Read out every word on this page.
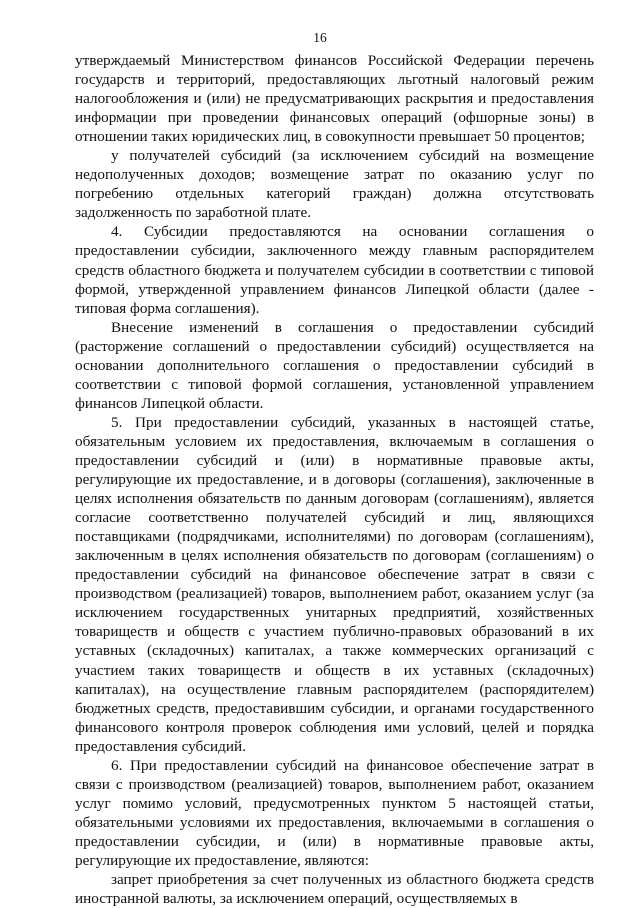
16

утверждаемый Министерством финансов Российской Федерации перечень государств и территорий, предоставляющих льготный налоговый режим налогообложения и (или) не предусматривающих раскрытия и предоставления информации при проведении финансовых операций (офшорные зоны) в отношении таких юридических лиц, в совокупности превышает 50 процентов;

у получателей субсидий (за исключением субсидий на возмещение недополученных доходов; возмещение затрат по оказанию услуг по погребению отдельных категорий граждан) должна отсутствовать задолженность по заработной плате.

4. Субсидии предоставляются на основании соглашения о предоставлении субсидии, заключенного между главным распорядителем средств областного бюджета и получателем субсидии в соответствии с типовой формой, утвержденной управлением финансов Липецкой области (далее - типовая форма соглашения).

Внесение изменений в соглашения о предоставлении субсидий (расторжение соглашений о предоставлении субсидий) осуществляется на основании дополнительного соглашения о предоставлении субсидий в соответствии с типовой формой соглашения, установленной управлением финансов Липецкой области.

5. При предоставлении субсидий, указанных в настоящей статье, обязательным условием их предоставления, включаемым в соглашения о предоставлении субсидий и (или) в нормативные правовые акты, регулирующие их предоставление, и в договоры (соглашения), заключенные в целях исполнения обязательств по данным договорам (соглашениям), является согласие соответственно получателей субсидий и лиц, являющихся поставщиками (подрядчиками, исполнителями) по договорам (соглашениям), заключенным в целях исполнения обязательств по договорам (соглашениям) о предоставлении субсидий на финансовое обеспечение затрат в связи с производством (реализацией) товаров, выполнением работ, оказанием услуг (за исключением государственных унитарных предприятий, хозяйственных товариществ и обществ с участием публично-правовых образований в их уставных (складочных) капиталах, а также коммерческих организаций с участием таких товариществ и обществ в их уставных (складочных) капиталах), на осуществление главным распорядителем (распорядителем) бюджетных средств, предоставившим субсидии, и органами государственного финансового контроля проверок соблюдения ими условий, целей и порядка предоставления субсидий.

6. При предоставлении субсидий на финансовое обеспечение затрат в связи с производством (реализацией) товаров, выполнением работ, оказанием услуг помимо условий, предусмотренных пунктом 5 настоящей статьи, обязательными условиями их предоставления, включаемыми в соглашения о предоставлении субсидии, и (или) в нормативные правовые акты, регулирующие их предоставление, являются:

запрет приобретения за счет полученных из областного бюджета средств иностранной валюты, за исключением операций, осуществляемых в
